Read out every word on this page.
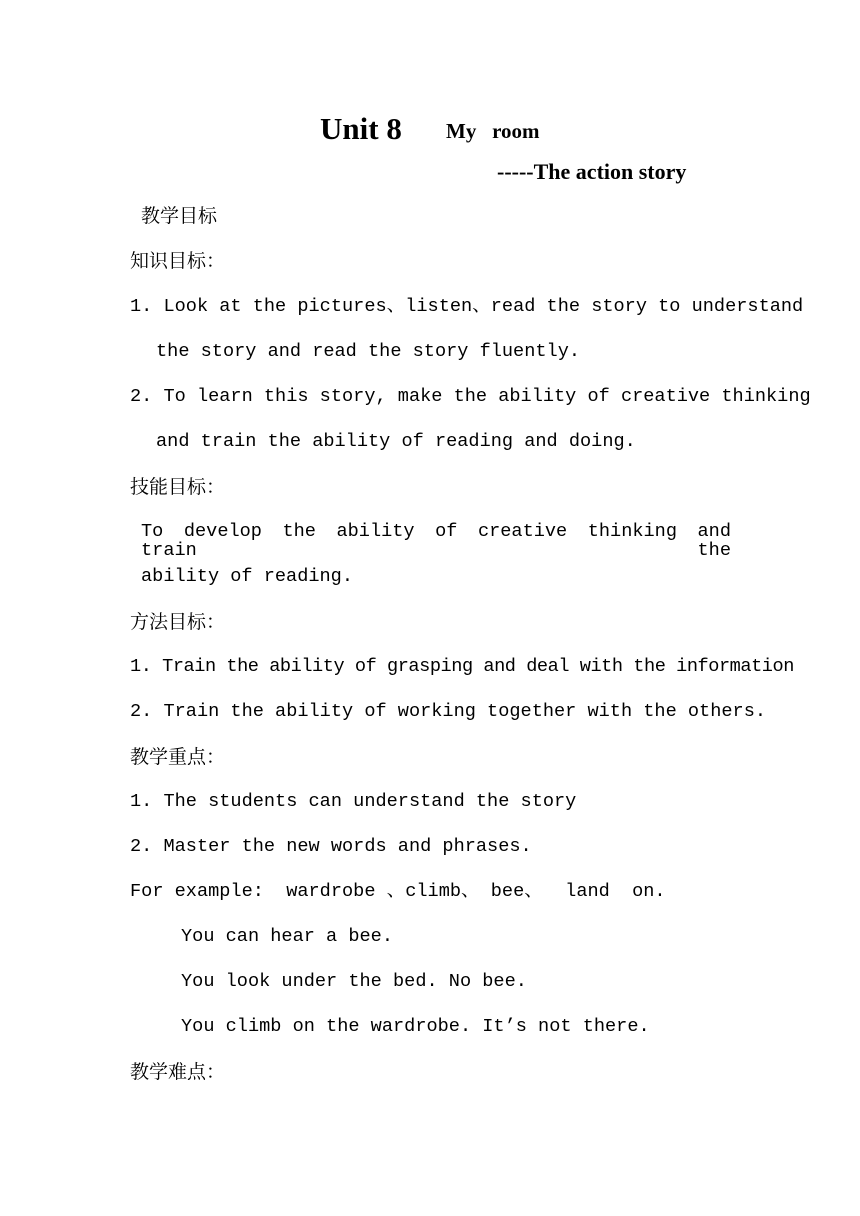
Unit 8 My   room
-----The action story
教学目标
知识目标：
1. Look at the pictures、listen、read the story to understand
the story and read the story fluently.
2. To learn this story, make the ability of creative thinking
and train the ability of reading and doing.
技能目标：
To develop the ability of creative thinking and train the
ability of reading.
方法目标：
1. Train the ability of grasping and deal with the information
2. Train the ability of working together with the others.
教学重点：
1. The students can understand the story
2. Master the new words and phrases.
For example:  wardrobe 、climb、 bee、  land  on.
You can hear a bee.
You look under the bed. No bee.
You climb on the wardrobe. It’s not there.
教学难点：
